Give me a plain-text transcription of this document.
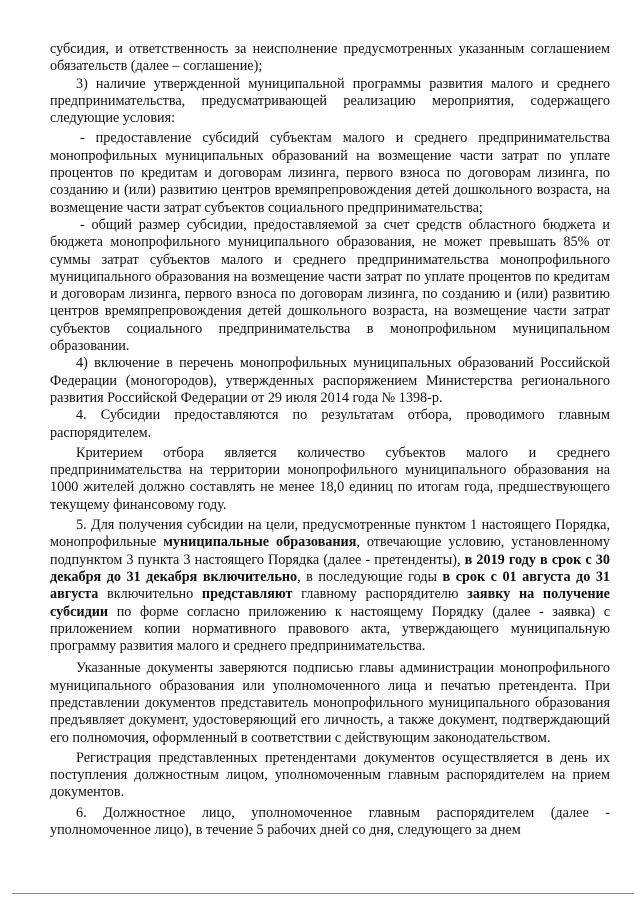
субсидия, и ответственность за неисполнение предусмотренных указанным соглашением обязательств (далее – соглашение);

3) наличие утвержденной муниципальной программы развития малого и среднего предпринимательства, предусматривающей реализацию мероприятия, содержащего следующие условия:

- предоставление субсидий субъектам малого и среднего предпринимательства монопрофильных муниципальных образований на возмещение части затрат по уплате процентов по кредитам и договорам лизинга, первого взноса по договорам лизинга, по созданию и (или) развитию центров времяпрепровождения детей дошкольного возраста, на возмещение части затрат субъектов социального предпринимательства;

- общий размер субсидии, предоставляемой за счет средств областного бюджета и бюджета монопрофильного муниципального образования, не может превышать 85% от суммы затрат субъектов малого и среднего предпринимательства монопрофильного муниципального образования на возмещение части затрат по уплате процентов по кредитам и договорам лизинга, первого взноса по договорам лизинга, по созданию и (или) развитию центров времяпрепровождения детей дошкольного возраста, на возмещение части затрат субъектов социального предпринимательства в монопрофильном муниципальном образовании.

4) включение в перечень монопрофильных муниципальных образований Российской Федерации (моногородов), утвержденных распоряжением Министерства регионального развития Российской Федерации от 29 июля 2014 года № 1398-р.

4. Субсидии предоставляются по результатам отбора, проводимого главным распорядителем.

Критерием отбора является количество субъектов малого и среднего предпринимательства на территории монопрофильного муниципального образования на 1000 жителей должно составлять не менее 18,0 единиц по итогам года, предшествующего текущему финансовому году.

5. Для получения субсидии на цели, предусмотренные пунктом 1 настоящего Порядка, монопрофильные муниципальные образования, отвечающие условию, установленному подпунктом 3 пункта 3 настоящего Порядка (далее - претенденты), в 2019 году в срок с 30 декабря до 31 декабря включительно, в последующие годы в срок с 01 августа до 31 августа включительно представляют главному распорядителю заявку на получение субсидии по форме согласно приложению к настоящему Порядку (далее - заявка) с приложением копии нормативного правового акта, утверждающего муниципальную программу развития малого и среднего предпринимательства.

Указанные документы заверяются подписью главы администрации монопрофильного муниципального образования или уполномоченного лица и печатью претендента. При представлении документов представитель монопрофильного муниципального образования предъявляет документ, удостоверяющий его личность, а также документ, подтверждающий его полномочия, оформленный в соответствии с действующим законодательством.

Регистрация представленных претендентами документов осуществляется в день их поступления должностным лицом, уполномоченным главным распорядителем на прием документов.

6. Должностное лицо, уполномоченное главным распорядителем (далее - уполномоченное лицо), в течение 5 рабочих дней со дня, следующего за днем
